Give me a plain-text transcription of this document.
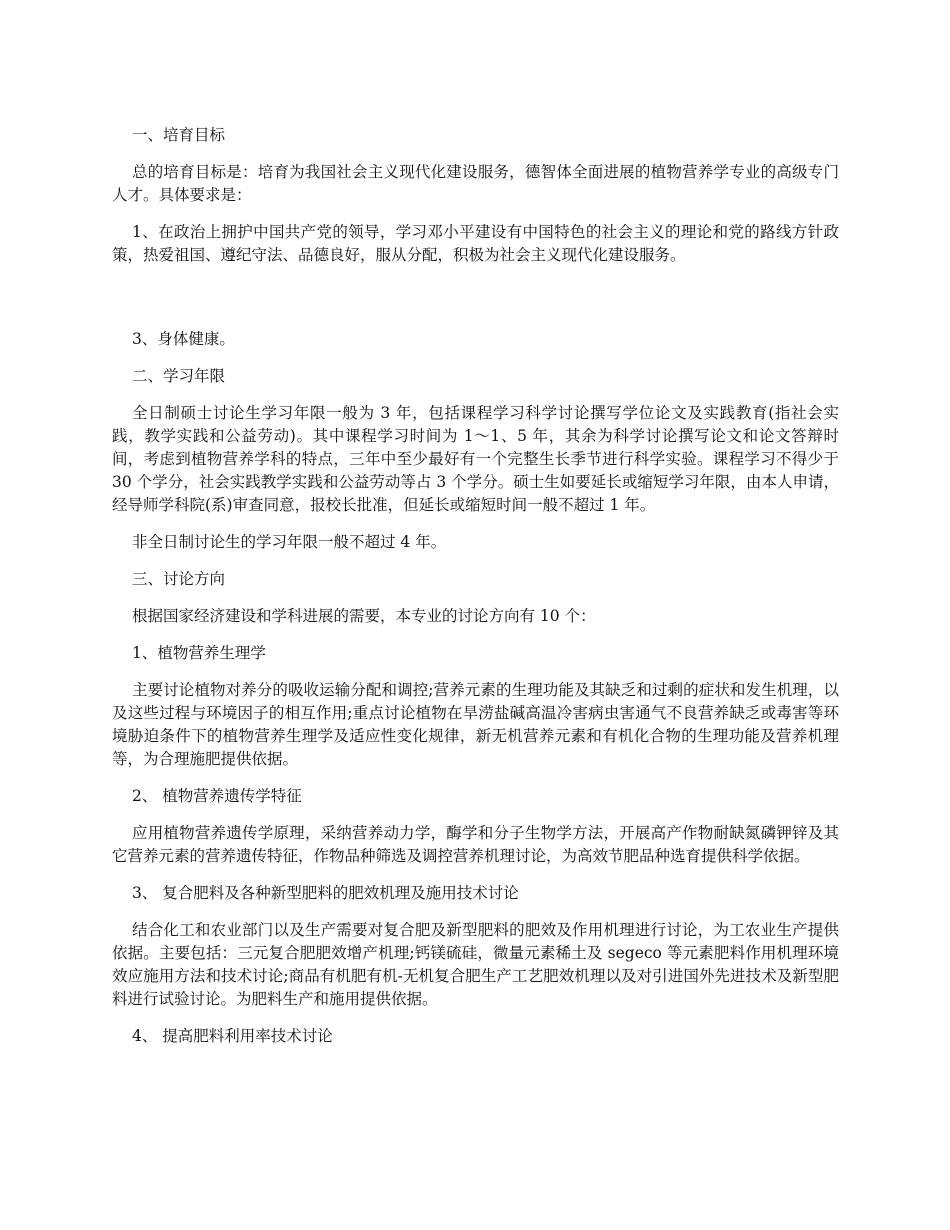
一、培育目标

总的培育目标是：培育为我国社会主义现代化建设服务，德智体全面进展的植物营养学专业的高级专门人才。具体要求是：

1、在政治上拥护中国共产党的领导，学习邓小平建设有中国特色的社会主义的理论和党的路线方针政策，热爱祖国、遵纪守法、品德良好，服从分配，积极为社会主义现代化建设服务。

3、身体健康。

二、学习年限

全日制硕士讨论生学习年限一般为 3 年，包括课程学习科学讨论撰写学位论文及实践教育(指社会实践，教学实践和公益劳动)。其中课程学习时间为 1～1、5 年，其余为科学讨论撰写论文和论文答辩时间，考虑到植物营养学科的特点，三年中至少最好有一个完整生长季节进行科学实验。课程学习不得少于 30 个学分，社会实践教学实践和公益劳动等占 3 个学分。硕士生如要延长或缩短学习年限，由本人申请，经导师学科院(系)审查同意，报校长批准，但延长或缩短时间一般不超过 1 年。

非全日制讨论生的学习年限一般不超过 4 年。

三、讨论方向

根据国家经济建设和学科进展的需要，本专业的讨论方向有 10 个：

1、植物营养生理学

主要讨论植物对养分的吸收运输分配和调控;营养元素的生理功能及其缺乏和过剩的症状和发生机理，以及这些过程与环境因子的相互作用;重点讨论植物在旱涝盐碱高温冷害病虫害通气不良营养缺乏或毒害等环境胁迫条件下的植物营养生理学及适应性变化规律，新无机营养元素和有机化合物的生理功能及营养机理等，为合理施肥提供依据。

2、 植物营养遗传学特征

应用植物营养遗传学原理，采纳营养动力学，酶学和分子生物学方法，开展高产作物耐缺氮磷钾锌及其它营养元素的营养遗传特征，作物品种筛选及调控营养机理讨论，为高效节肥品种选育提供科学依据。

3、 复合肥料及各种新型肥料的肥效机理及施用技术讨论

结合化工和农业部门以及生产需要对复合肥及新型肥料的肥效及作用机理进行讨论，为工农业生产提供依据。主要包括：三元复合肥肥效增产机理;钙镁硫硅，微量元素稀土及 segeco 等元素肥料作用机理环境效应施用方法和技术讨论;商品有机肥有机-无机复合肥生产工艺肥效机理以及对引进国外先进技术及新型肥料进行试验讨论。为肥料生产和施用提供依据。

4、 提高肥料利用率技术讨论
